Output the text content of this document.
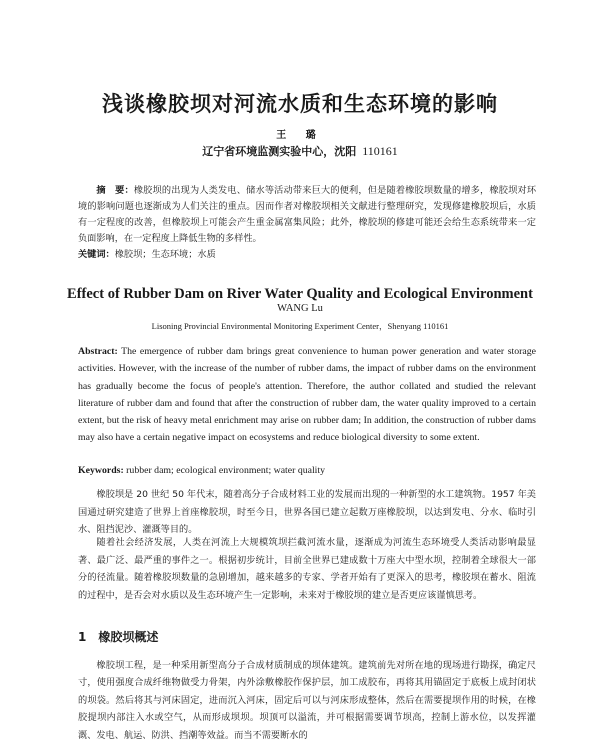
浅谈橡胶坝对河流水质和生态环境的影响
王 璐
辽宁省环境监测实验中心，沈阳 110161
摘　要：橡胶坝的出现为人类发电、储水等活动带来巨大的便利，但是随着橡胶坝数量的增多，橡胶坝对环境的影响问题也逐渐成为人们关注的重点。因而作者对橡胶坝相关文献进行整理研究，发现修建橡胶坝后，水质有一定程度的改善，但橡胶坝上可能会产生重金属富集风险；此外，橡胶坝的修建可能还会给生态系统带来一定负面影响，在一定程度上降低生物的多样性。
关键词：橡胶坝；生态环境；水质
Effect of Rubber Dam on River Water Quality and Ecological Environment
WANG Lu
Lisoning Provincial Environmental Monitoring Experiment Center，Shenyang 110161
Abstract: The emergence of rubber dam brings great convenience to human power generation and water storage activities. However, with the increase of the number of rubber dams, the impact of rubber dams on the environment has gradually become the focus of people's attention. Therefore, the author collated and studied the relevant literature of rubber dam and found that after the construction of rubber dam, the water quality improved to a certain extent, but the risk of heavy metal enrichment may arise on rubber dam; In addition, the construction of rubber dams may also have a certain negative impact on ecosystems and reduce biological diversity to some extent.
Keywords: rubber dam; ecological environment; water quality
橡胶坝是 20 世纪 50 年代末，随着高分子合成材料工业的发展而出现的一种新型的水工建筑物。1957 年美国通过研究建造了世界上首座橡胶坝，时至今日，世界各国已建立起数万座橡胶坝，以达到发电、分水、临时引水、阻挡泥沙、灌溉等目的。
随着社会经济发展，人类在河流上大规模筑坝拦截河流水量，逐渐成为河流生态环境受人类活动影响最显著、最广泛、最严重的事件之一。根据初步统计，目前全世界已建成数十万座大中型水坝，控制着全球很大一部分的径流量。随着橡胶坝数量的急剧增加，越来越多的专家、学者开始有了更深入的思考，橡胶坝在蓄水、阻流的过程中，是否会对水质以及生态环境产生一定影响，未来对于橡胶坝的建立是否更应该谨慎思考。
1 橡胶坝概述
橡胶坝工程，是一种采用新型高分子合成材质制成的坝体建筑。建筑前先对所在地的现场进行勘探，确定尺寸，使用强度合成纤维物做受力骨架，内外涂敷橡胶作保护层，加工成胶布，再将其用锚固定于底板上成封闭状的坝袋。然后将其与河床固定，进而沉入河床，固定后可以与河床形成整体，然后在需要提坝作用的时候，在橡胶提坝内部注入水或空气，从而形成坝坝。坝顶可以溢流，并可根据需要调节坝高，控制上游水位，以发挥灌溉、发电、航运、防洪、挡潮等效益。而当不需要断水的
